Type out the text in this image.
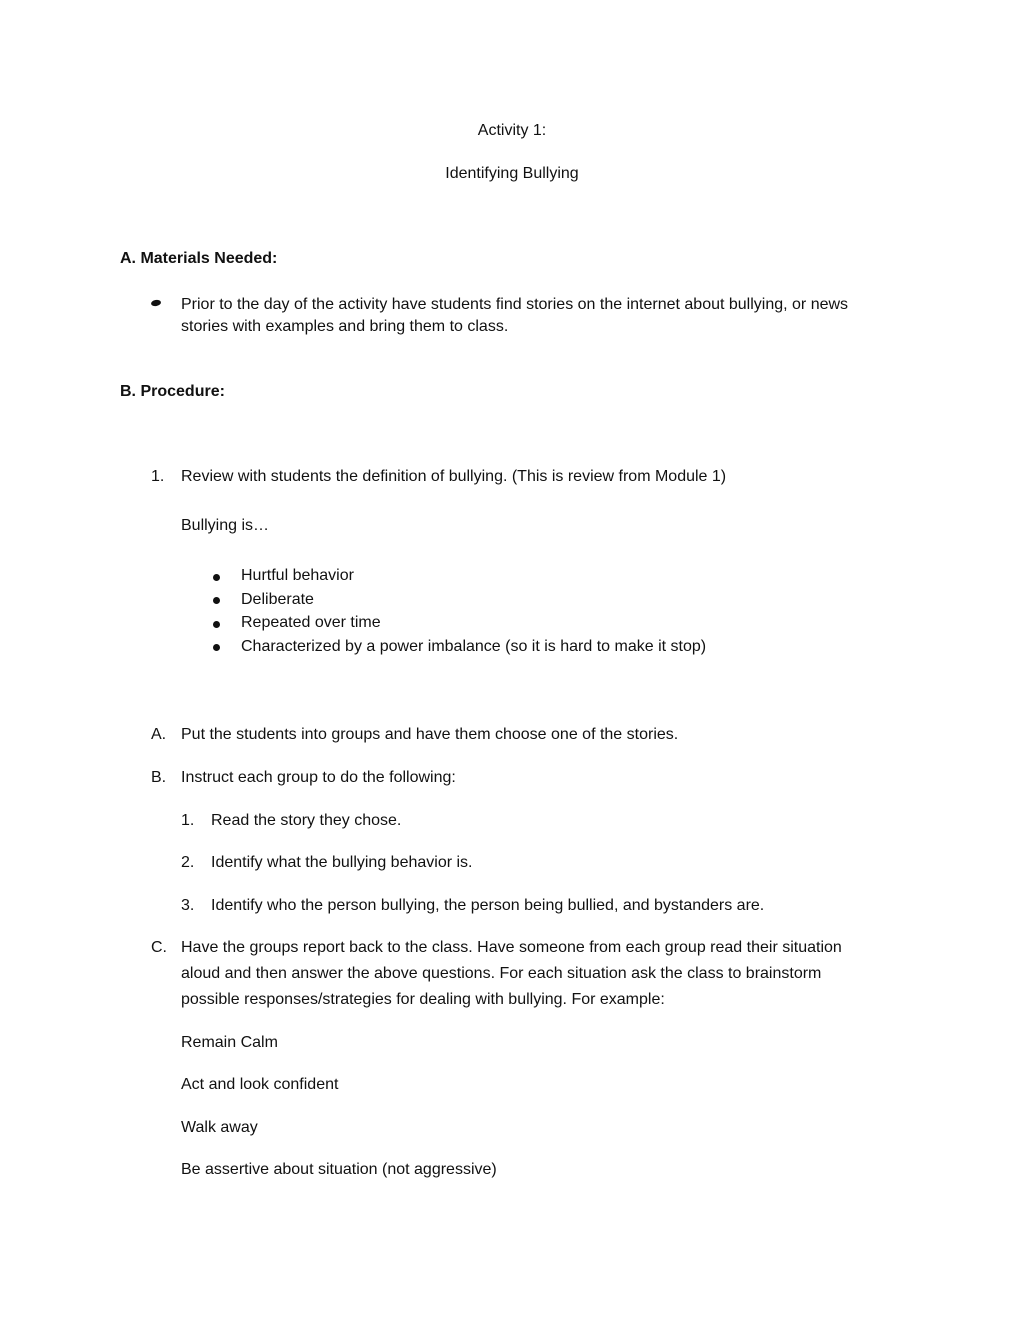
Activity 1:
Identifying Bullying
A. Materials Needed:
Prior to the day of the activity have students find stories on the internet about bullying, or news
stories with examples and bring them to class.
B. Procedure:
1. Review with students the definition of bullying. (This is review from Module 1)
Bullying is…
Hurtful behavior
Deliberate
Repeated over time
Characterized by a power imbalance (so it is hard to make it stop)
A. Put the students into groups and have them choose one of the stories.
B. Instruct each group to do the following:
1. Read the story they chose.
2. Identify what the bullying behavior is.
3. Identify who the person bullying, the person being bullied, and bystanders are.
C. Have the groups report back to the class. Have someone from each group read their situation
aloud and then answer the above questions. For each situation ask the class to brainstorm
possible responses/strategies for dealing with bullying. For example:
Remain Calm
Act and look confident
Walk away
Be assertive about situation (not aggressive)
